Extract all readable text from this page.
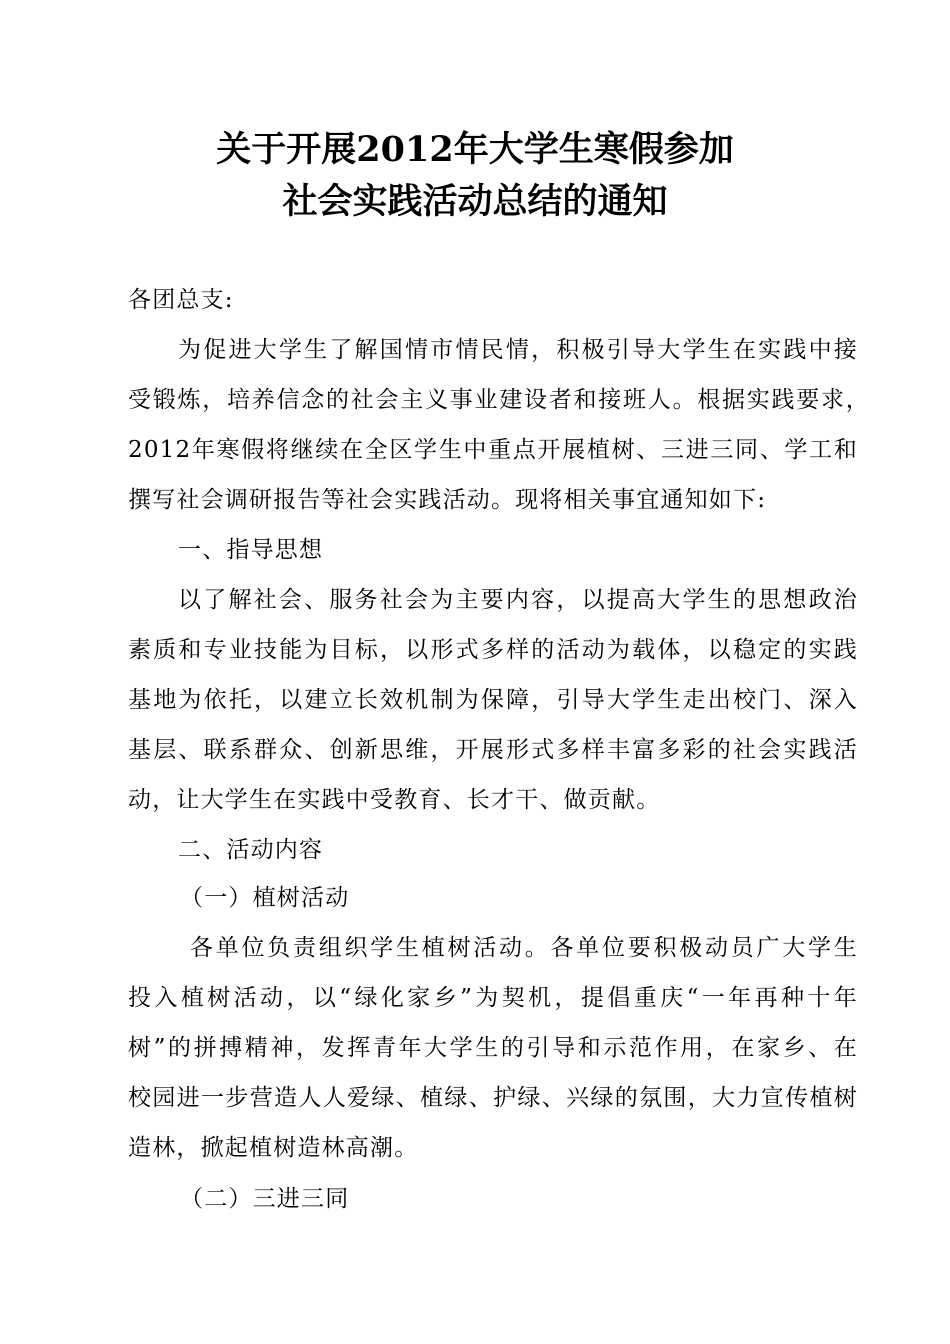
关于开展2012年大学生寒假参加
社会实践活动总结的通知
各团总支:
为促进大学生了解国情市情民情，积极引导大学生在实践中接
受锻炼，培养信念的社会主义事业建设者和接班人。根据实践要求，
2012年寒假将继续在全区学生中重点开展植树、三进三同、学工和
撰写社会调研报告等社会实践活动。现将相关事宜通知如下:
一、指导思想
以了解社会、服务社会为主要内容，以提高大学生的思想政治
素质和专业技能为目标，以形式多样的活动为载体，以稳定的实践
基地为依托，以建立长效机制为保障，引导大学生走出校门、深入
基层、联系群众、创新思维，开展形式多样丰富多彩的社会实践活
动，让大学生在实践中受教育、长才干、做贡献。
二、活动内容
（一）植树活动
各单位负责组织学生植树活动。各单位要积极动员广大学生
投入植树活动，以“绿化家乡”为契机，提倡重庆“一年再种十年
树”的拼搏精神，发挥青年大学生的引导和示范作用，在家乡、在
校园进一步营造人人爱绿、植绿、护绿、兴绿的氛围，大力宣传植树
造林，掀起植树造林高潮。
（二）三进三同
